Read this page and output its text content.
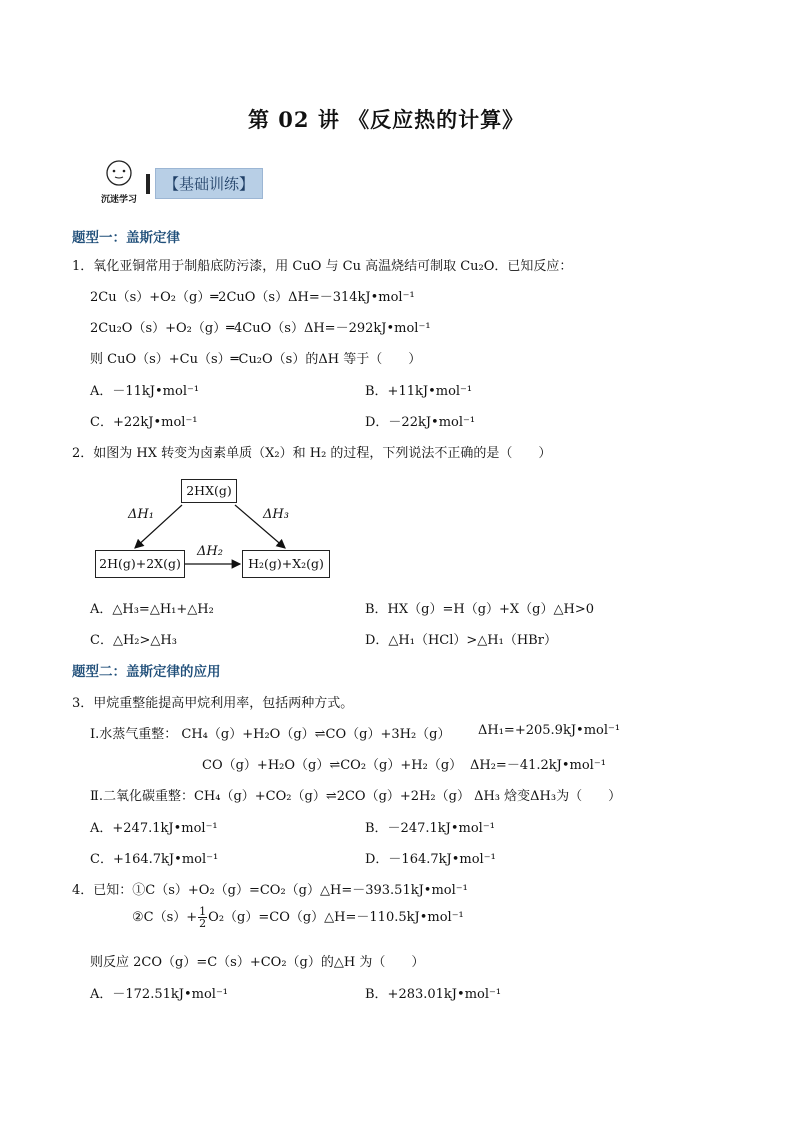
第 02 讲 《反应热的计算》
沉迷学习
【基础训练】
题型一：盖斯定律
1．氧化亚铜常用于制船底防污漆，用 CuO 与 Cu 高温烧结可制取 Cu₂O．已知反应：
2Cu（s）+O₂（g）═2CuO（s）ΔH=－314kJ•mol⁻¹
2Cu₂O（s）+O₂（g）═4CuO（s）ΔH=－292kJ•mol⁻¹
则 CuO（s）+Cu（s）═Cu₂O（s）的ΔH 等于（　　）
A．－11kJ•mol⁻¹	B．+11kJ•mol⁻¹
C．+22kJ•mol⁻¹	D．－22kJ•mol⁻¹
2．如图为 HX 转变为卤素单质（X₂）和 H₂ 的过程，下列说法不正确的是（　　）
2HX(g)
2H(g)+2X(g)	H₂(g)+X₂(g)
ΔH₁	ΔH₃
ΔH₂
A．△H₃=△H₁+△H₂	B．HX（g）=H（g）+X（g）△H>0
C．△H₂>△H₃	D．△H₁（HCl）>△H₁（HBr）
题型二：盖斯定律的应用
3．甲烷重整能提高甲烷利用率，包括两种方式。
Ⅰ.水蒸气重整： CH₄（g）+H₂O（g）⇌CO（g）+3H₂（g） ΔH₁=+205.9kJ•mol⁻¹
CO（g）+H₂O（g）⇌CO₂（g）+H₂（g） ΔH₂=－41.2kJ•mol⁻¹
Ⅱ.二氧化碳重整：CH₄（g）+CO₂（g）⇌2CO（g）+2H₂（g） ΔH₃ 焓变ΔH₃为（　　）
A．+247.1kJ•mol⁻¹	B．－247.1kJ•mol⁻¹
C．+164.7kJ•mol⁻¹	D．－164.7kJ•mol⁻¹
4．已知：①C（s）+O₂（g）=CO₂（g）△H=－393.51kJ•mol⁻¹
②C（s）+ $\frac{1}{2}$ O₂（g）=CO（g）△H=－110.5kJ•mol⁻¹
则反应 2CO（g）=C（s）+CO₂（g）的△H 为（　　）
A．－172.51kJ•mol⁻¹	B．+283.01kJ•mol⁻¹
